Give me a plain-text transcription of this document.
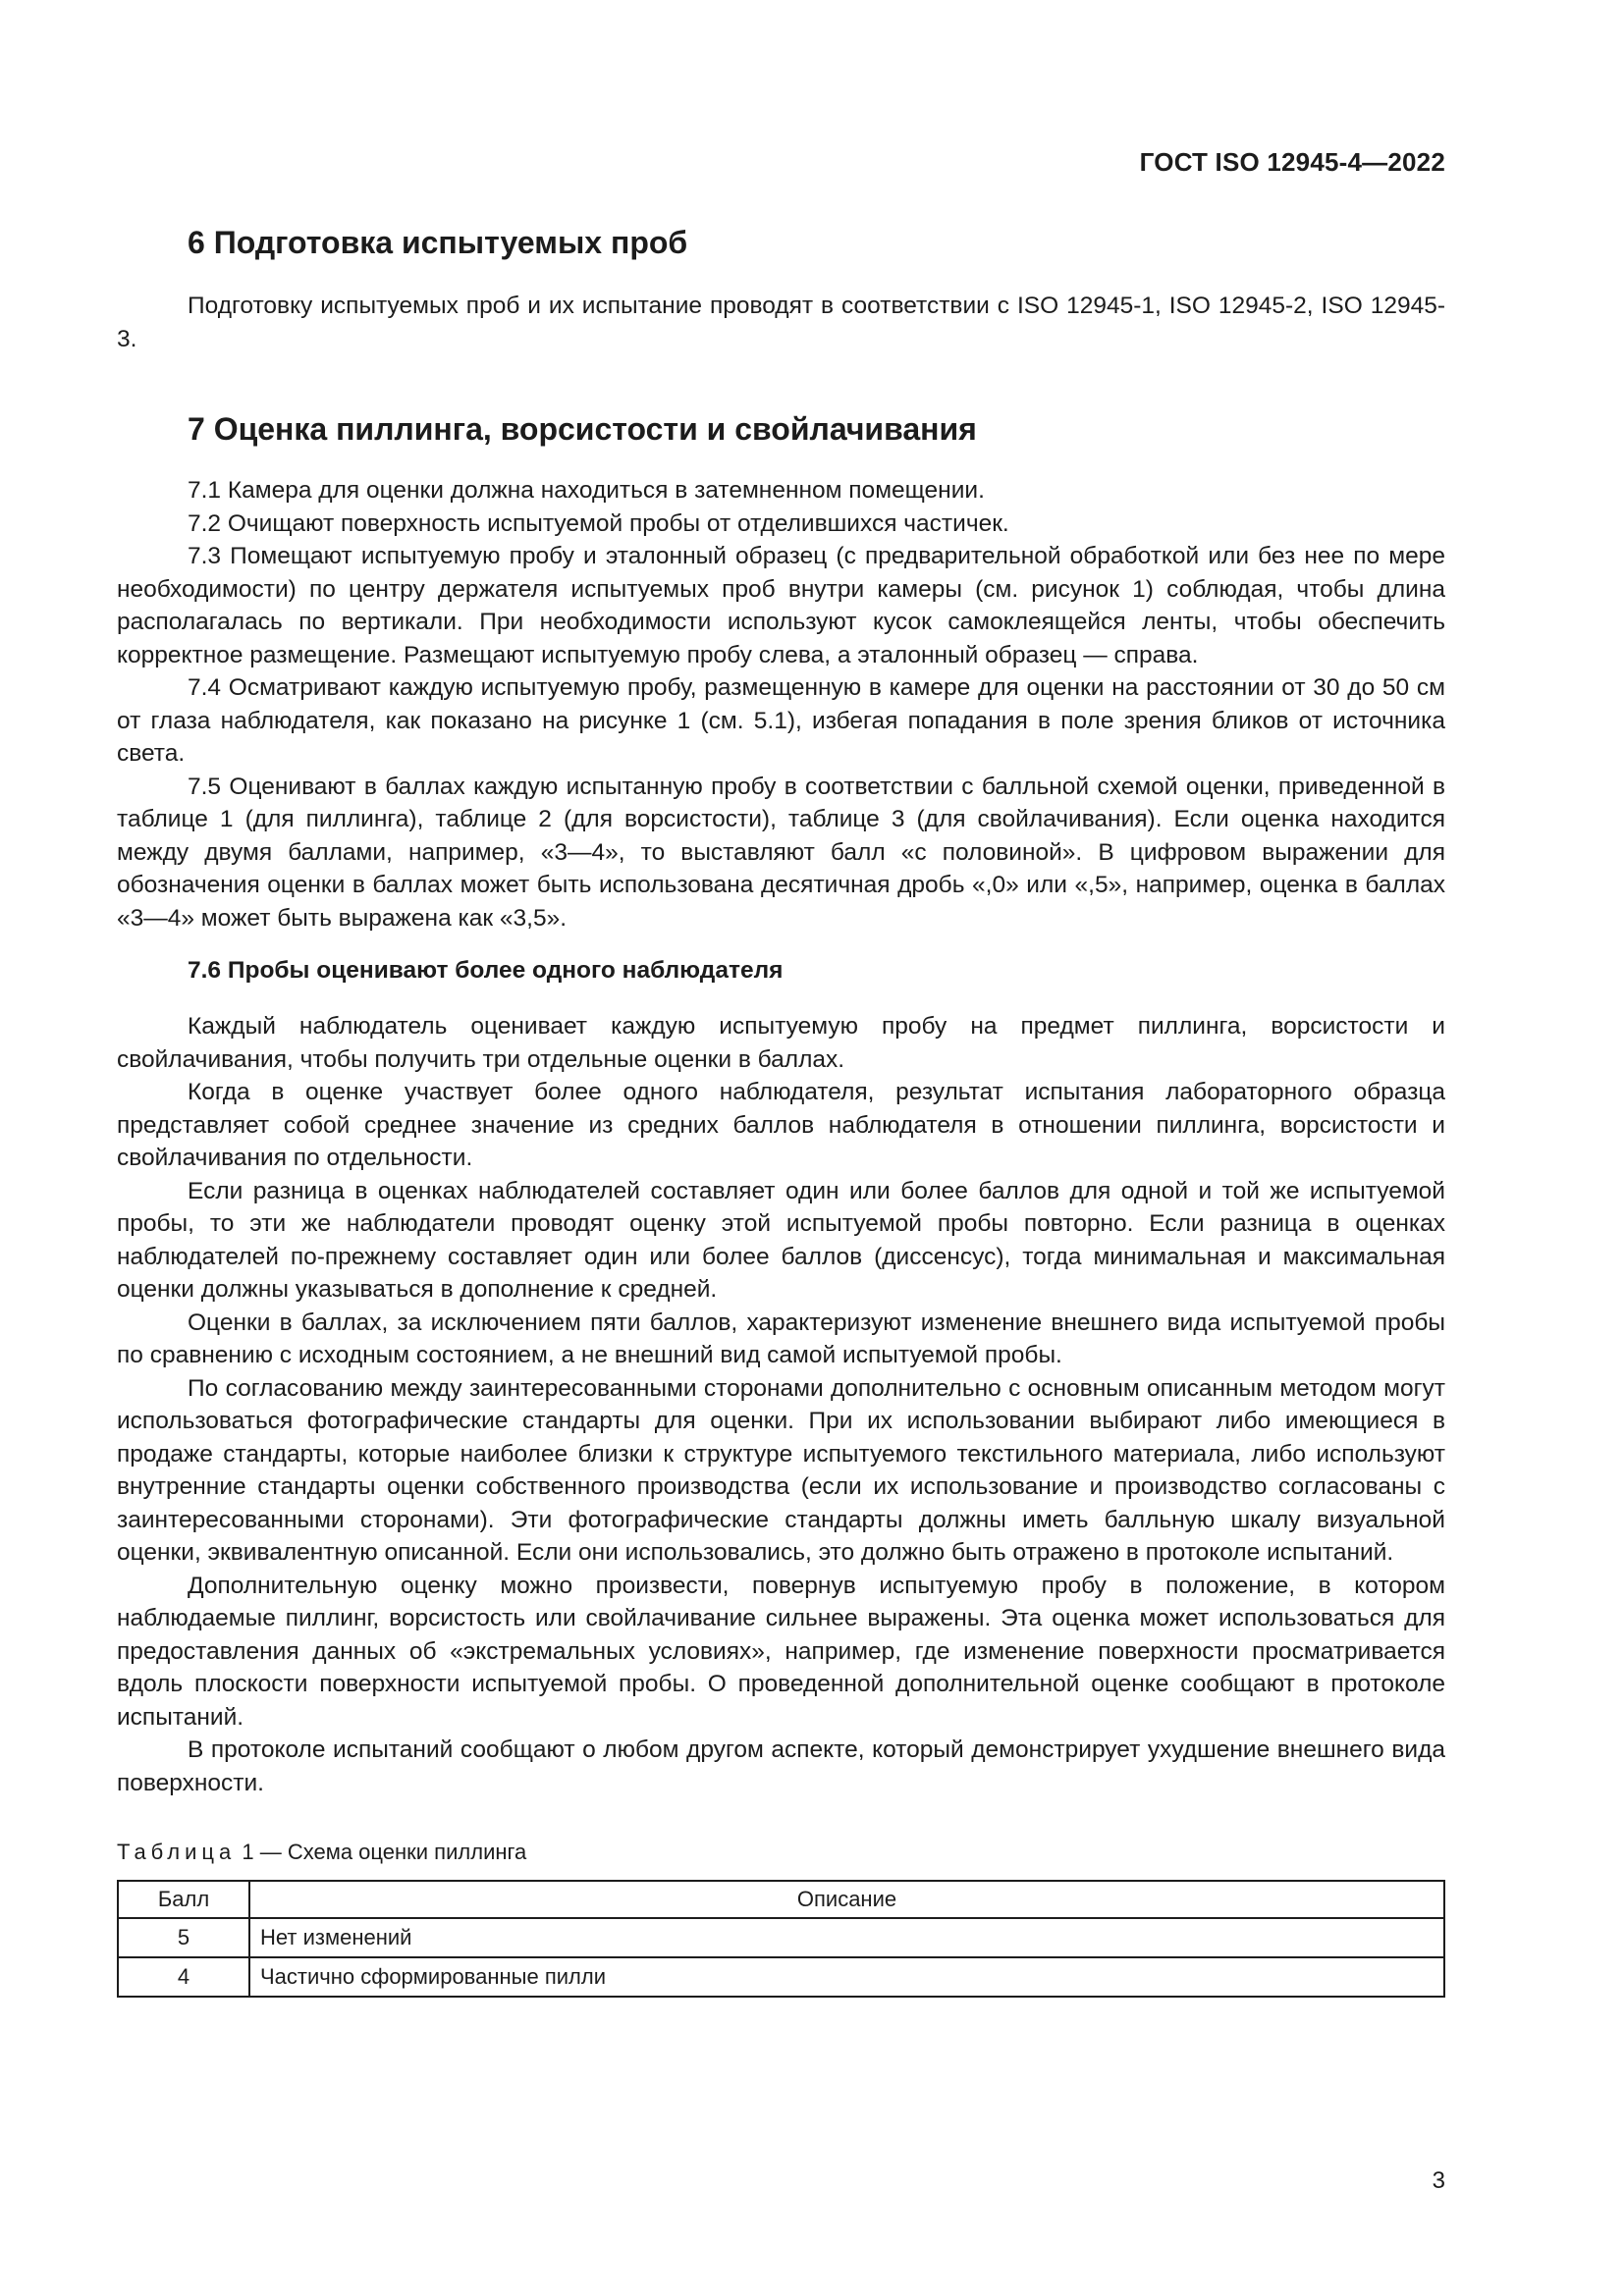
ГОСТ ISO 12945-4—2022
6 Подготовка испытуемых проб

Подготовку испытуемых проб и их испытание проводят в соответствии с ISO 12945-1, ISO 12945-2, ISO 12945-3.

7 Оценка пиллинга, ворсистости и свойлачивания

7.1 Камера для оценки должна находиться в затемненном помещении.

7.2 Очищают поверхность испытуемой пробы от отделившихся частичек.

7.3 Помещают испытуемую пробу и эталонный образец (с предварительной обработкой или без нее по мере необходимости) по центру держателя испытуемых проб внутри камеры (см. рисунок 1) соблюдая, чтобы длина располагалась по вертикали. При необходимости используют кусок самоклеящейся ленты, чтобы обеспечить корректное размещение. Размещают испытуемую пробу слева, а эталонный образец — справа.

7.4 Осматривают каждую испытуемую пробу, размещенную в камере для оценки на расстоянии от 30 до 50 см от глаза наблюдателя, как показано на рисунке 1 (см. 5.1), избегая попадания в поле зрения бликов от источника света.

7.5 Оценивают в баллах каждую испытанную пробу в соответствии с балльной схемой оценки, приведенной в таблице 1 (для пиллинга), таблице 2 (для ворсистости), таблице 3 (для свойлачивания). Если оценка находится между двумя баллами, например, «3—4», то выставляют балл «с половиной». В цифровом выражении для обозначения оценки в баллах может быть использована десятичная дробь «,0» или «,5», например, оценка в баллах «3—4» может быть выражена как «3,5».

7.6 Пробы оценивают более одного наблюдателя

Каждый наблюдатель оценивает каждую испытуемую пробу на предмет пиллинга, ворсистости и свойлачивания, чтобы получить три отдельные оценки в баллах.

Когда в оценке участвует более одного наблюдателя, результат испытания лабораторного образца представляет собой среднее значение из средних баллов наблюдателя в отношении пиллинга, ворсистости и свойлачивания по отдельности.

Если разница в оценках наблюдателей составляет один или более баллов для одной и той же испытуемой пробы, то эти же наблюдатели проводят оценку этой испытуемой пробы повторно. Если разница в оценках наблюдателей по-прежнему составляет один или более баллов (диссенсус), тогда минимальная и максимальная оценки должны указываться в дополнение к средней.

Оценки в баллах, за исключением пяти баллов, характеризуют изменение внешнего вида испытуемой пробы по сравнению с исходным состоянием, а не внешний вид самой испытуемой пробы.

По согласованию между заинтересованными сторонами дополнительно с основным описанным методом могут использоваться фотографические стандарты для оценки. При их использовании выбирают либо имеющиеся в продаже стандарты, которые наиболее близки к структуре испытуемого текстильного материала, либо используют внутренние стандарты оценки собственного производства (если их использование и производство согласованы с заинтересованными сторонами). Эти фотографические стандарты должны иметь балльную шкалу визуальной оценки, эквивалентную описанной. Если они использовались, это должно быть отражено в протоколе испытаний.

Дополнительную оценку можно произвести, повернув испытуемую пробу в положение, в котором наблюдаемые пиллинг, ворсистость или свойлачивание сильнее выражены. Эта оценка может использоваться для предоставления данных об «экстремальных условиях», например, где изменение поверхности просматривается вдоль плоскости поверхности испытуемой пробы. О проведенной дополнительной оценке сообщают в протоколе испытаний.

В протоколе испытаний сообщают о любом другом аспекте, который демонстрирует ухудшение внешнего вида поверхности.

Таблица 1 — Схема оценки пиллинга
Балл	Описание
5	Нет изменений
4	Частично сформированные пилли
3
